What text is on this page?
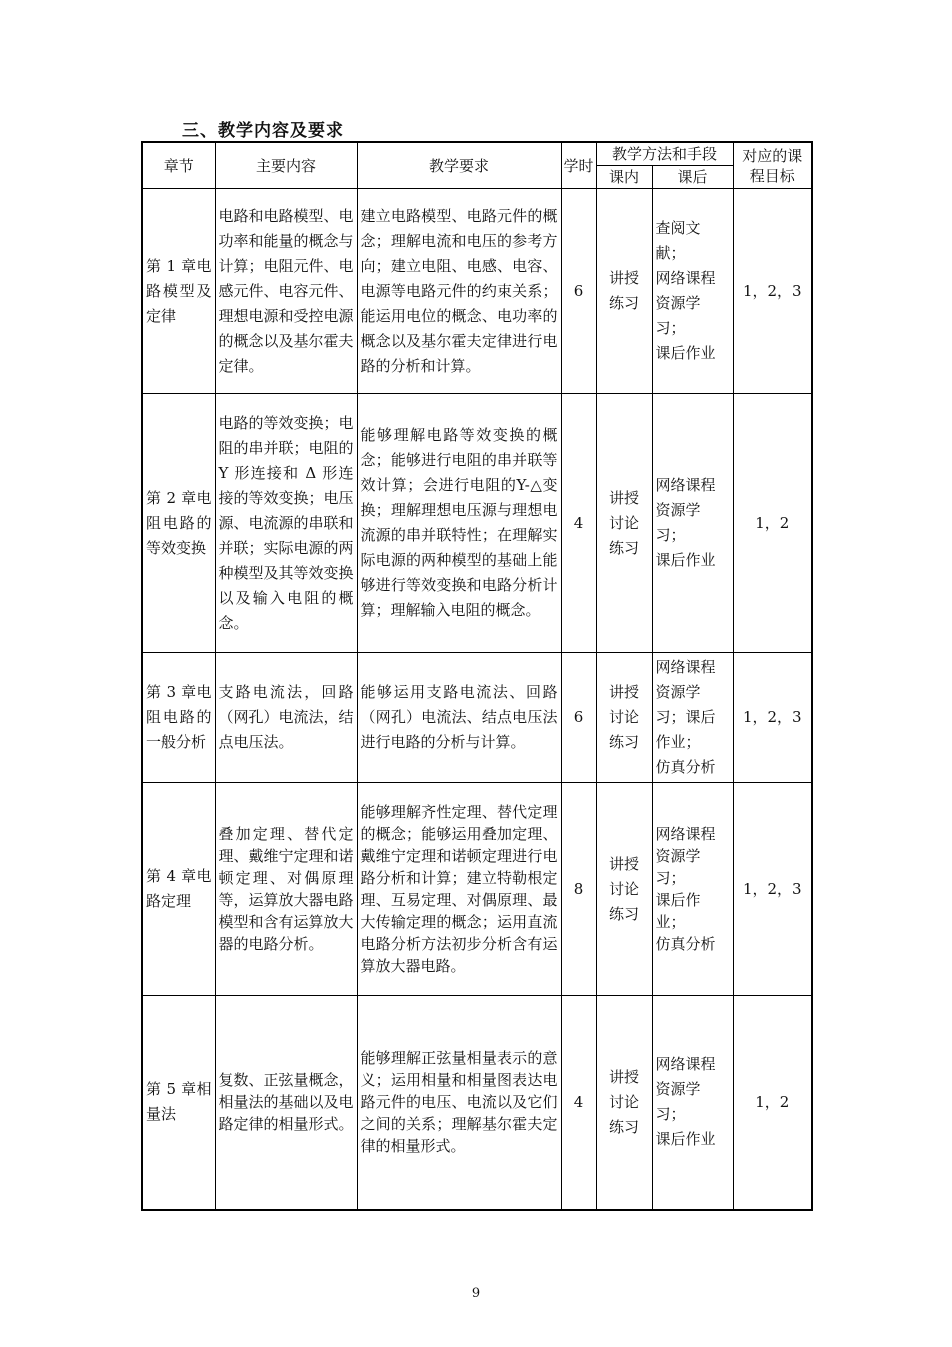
三、教学内容及要求
章节	主要内容	教学要求	学时	教学方法和手段		对应的课程目标
				课内	课后	
第 1 章电路模型及定律	电路和电路模型、电功率和能量的概念与计算；电阻元件、电感元件、电容元件、理想电源和受控电源的概念以及基尔霍夫定律。	建立电路模型、电路元件的概念；理解电流和电压的参考方向；建立电阻、电感、电容、电源等电路元件的约束关系；能运用电位的概念、电功率的概念以及基尔霍夫定律进行电路的分析和计算。	6	讲授
练习	查阅文献；
网络课程资源学习；
课后作业	1，2，3
第 2 章电阻电路的等效变换	电路的等效变换；电阻的串并联；电阻的 Y 形连接和 Δ 形连接的等效变换；电压源、电流源的串联和并联；实际电源的两种模型及其等效变换以及输入电阻的概念。	能够理解电路等效变换的概念；能够进行电阻的串并联等效计算；会进行电阻的Y-△变换；理解理想电压源与理想电流源的串并联特性；在理解实际电源的两种模型的基础上能够进行等效变换和电路分析计算；理解输入电阻的概念。	4	讲授
讨论
练习	网络课程资源学习；
课后作业	1，2
第 3 章电阻电路的一般分析	支路电流法，回路（网孔）电流法，结点电压法。	能够运用支路电流法、回路（网孔）电流法、结点电压法进行电路的分析与计算。	6	讲授
讨论
练习	网络课程资源学习；课后作业；
仿真分析	1，2，3
第 4 章电路定理	叠加定理、替代定理、戴维宁定理和诺顿定理、对偶原理等，运算放大器电路模型和含有运算放大器的电路分析。	能够理解齐性定理、替代定理的概念；能够运用叠加定理、戴维宁定理和诺顿定理进行电路分析和计算；建立特勒根定理、互易定理、对偶原理、最大传输定理的概念；运用直流电路分析方法初步分析含有运算放大器电路。	8	讲授
讨论
练习	网络课程资源学习；
课后作业；
仿真分析	1，2，3
第 5 章相量法	复数、正弦量概念，相量法的基础以及电路定律的相量形式。	能够理解正弦量相量表示的意义；运用相量和相量图表达电路元件的电压、电流以及它们之间的关系；理解基尔霍夫定律的相量形式。	4	讲授
讨论
练习	网络课程资源学习；
课后作业	1，2
9
